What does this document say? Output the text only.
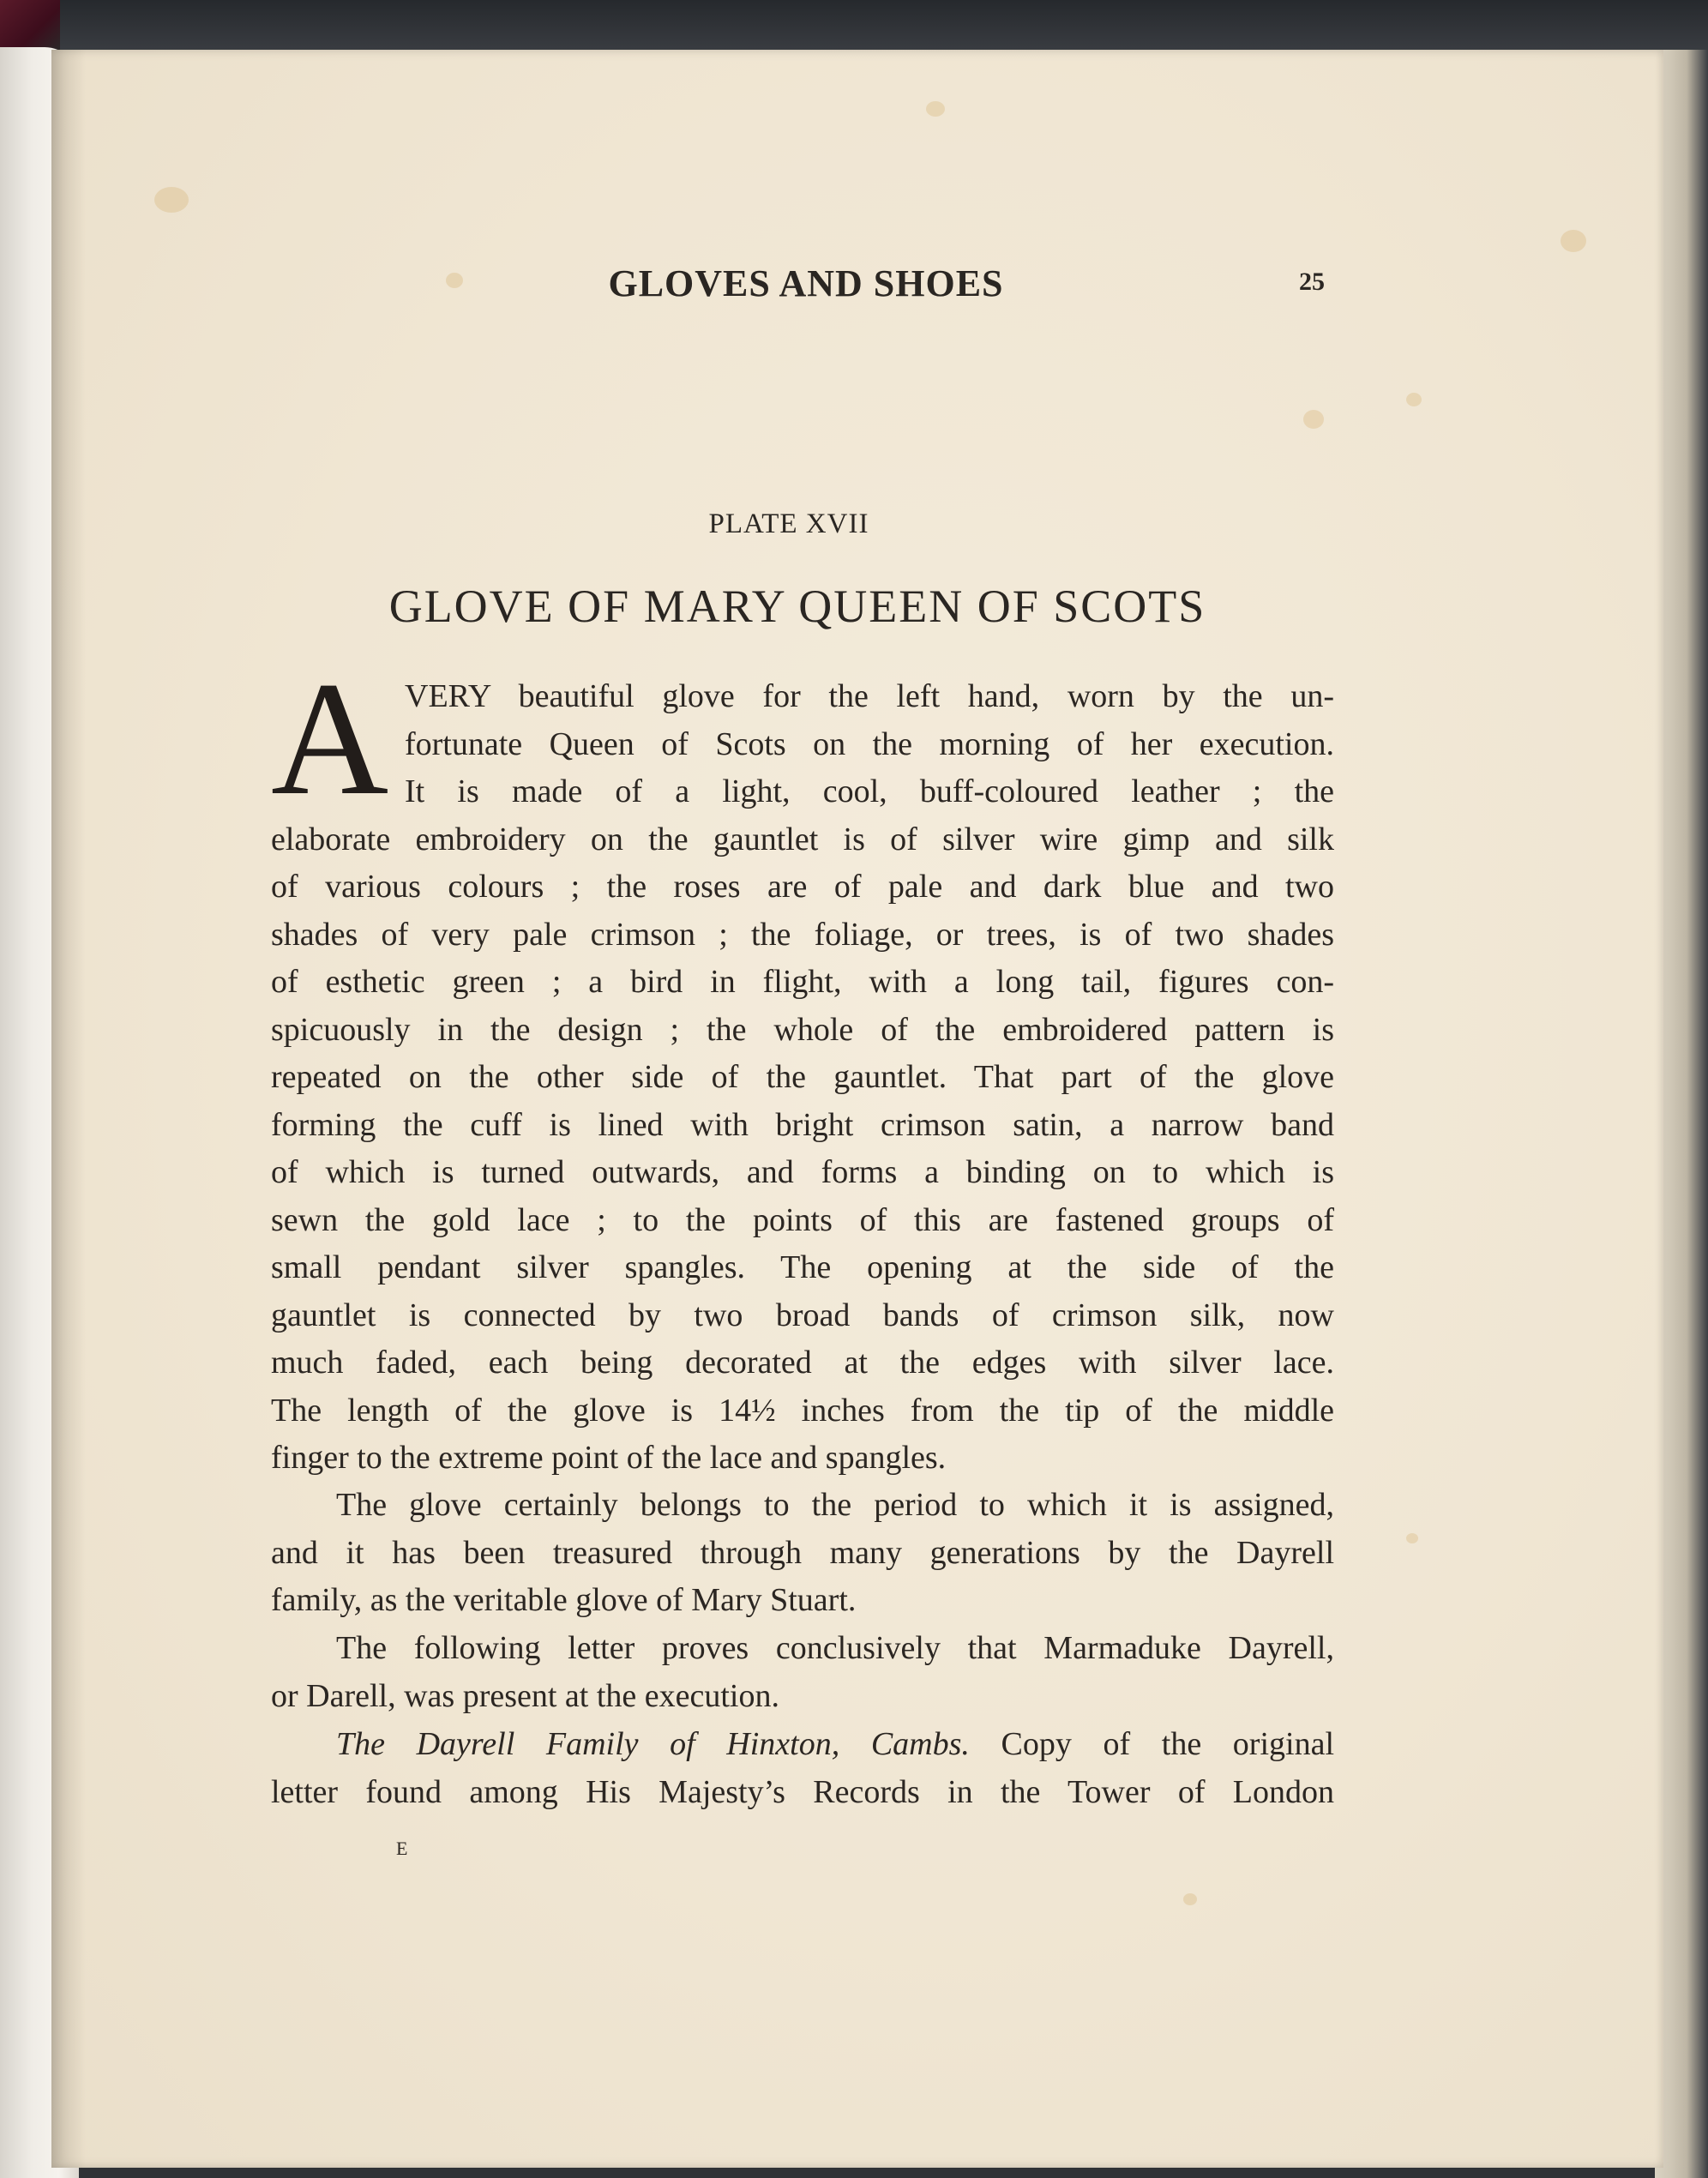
GLOVES AND SHOES	25
PLATE XVII
GLOVE OF MARY QUEEN OF SCOTS
A VERY beautiful glove for the left hand, worn by the un-
fortunate Queen of Scots on the morning of her execution.
It is made of a light, cool, buff-coloured leather ; the
elaborate embroidery on the gauntlet is of silver wire gimp and silk
of various colours ; the roses are of pale and dark blue and two
shades of very pale crimson ; the foliage, or trees, is of two shades
of esthetic green ; a bird in flight, with a long tail, figures con-
spicuously in the design ; the whole of the embroidered pattern is
repeated on the other side of the gauntlet. That part of the glove
forming the cuff is lined with bright crimson satin, a narrow band
of which is turned outwards, and forms a binding on to which is
sewn the gold lace ; to the points of this are fastened groups of
small pendant silver spangles. The opening at the side of the
gauntlet is connected by two broad bands of crimson silk, now
much faded, each being decorated at the edges with silver lace.
The length of the glove is 14½ inches from the tip of the middle
finger to the extreme point of the lace and spangles.
The glove certainly belongs to the period to which it is assigned,
and it has been treasured through many generations by the Dayrell
family, as the veritable glove of Mary Stuart.
The following letter proves conclusively that Marmaduke Dayrell,
or Darell, was present at the execution.
The Dayrell Family of Hinxton, Cambs. Copy of the original
letter found among His Majesty’s Records in the Tower of London
E
